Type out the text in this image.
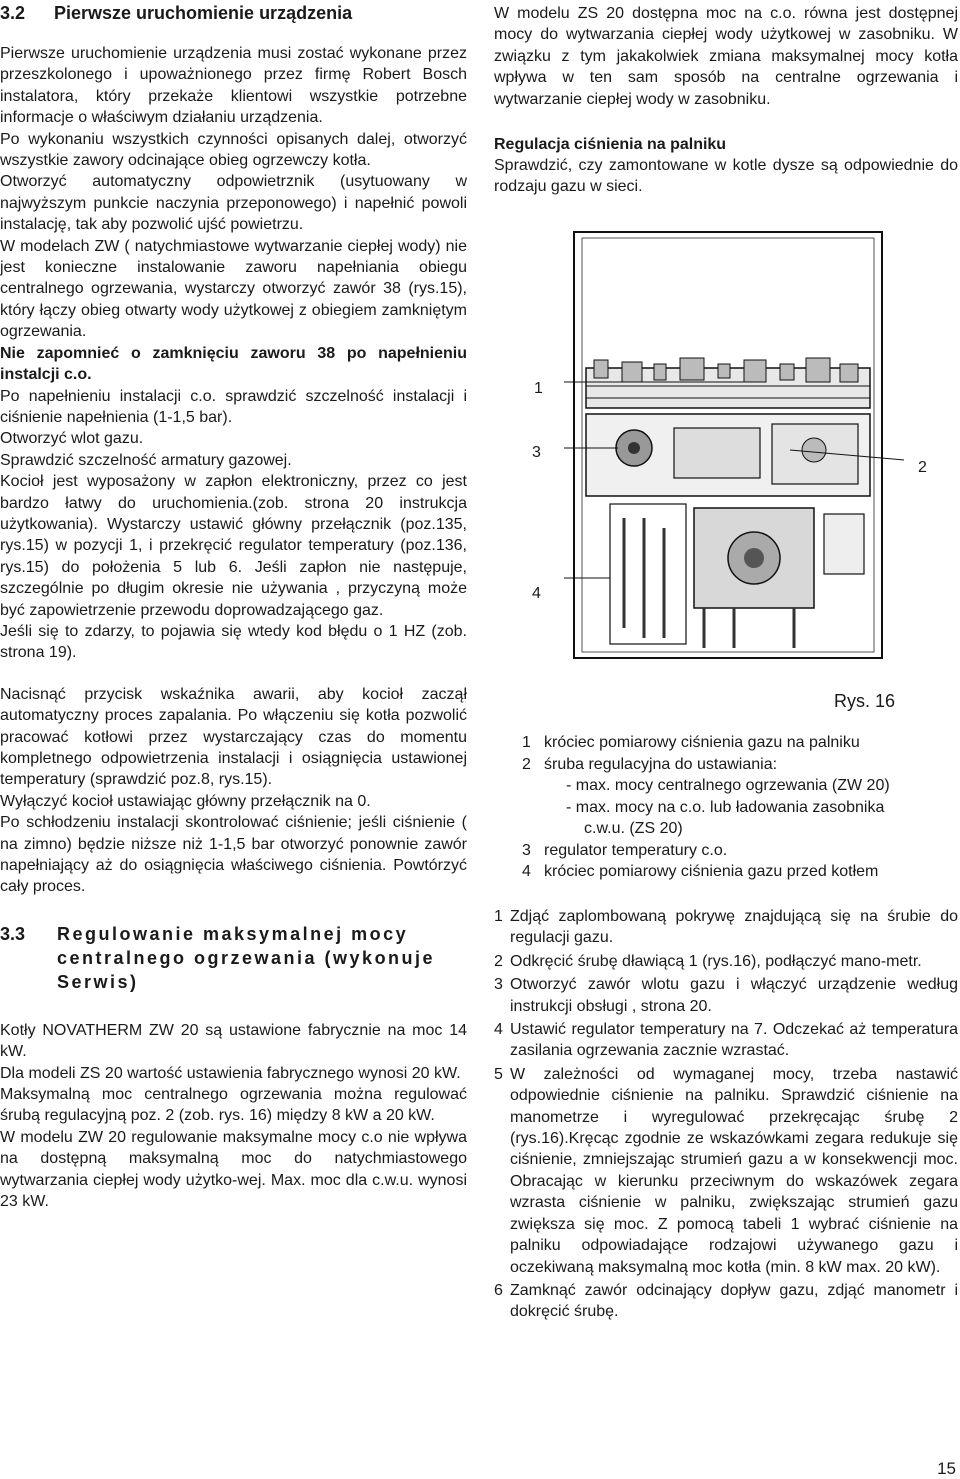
3.2 Pierwsze uruchomienie urządzenia

Pierwsze uruchomienie urządzenia musi zostać wykonane przez przeszkolonego i upoważnionego przez firmę Robert Bosch instalatora, który przekaże klientowi wszystkie potrzebne informacje o właściwym działaniu urządzenia.

Po wykonaniu wszystkich czynności opisanych dalej, otworzyć wszystkie zawory odcinające obieg ogrzewczy kotła.

Otworzyć automatyczny odpowietrznik (usytuowany w najwyższym punkcie naczynia przeponowego) i napełnić powoli instalację, tak aby pozwolić ujść powietrzu.

W modelach ZW ( natychmiastowe wytwarzanie ciepłej wody) nie jest konieczne instalowanie zaworu napełniania obiegu centralnego ogrzewania, wystarczy otworzyć zawór 38 (rys.15), który łączy obieg otwarty wody użytkowej z obiegiem zamkniętym ogrzewania.

Nie zapomnieć o zamknięciu zaworu 38 po napełnieniu instalcji c.o.

Po napełnieniu instalacji c.o. sprawdzić szczelność instalacji i ciśnienie napełnienia (1-1,5 bar).

Otworzyć wlot gazu.

Sprawdzić szczelność armatury gazowej.

Kocioł jest wyposażony w zapłon elektroniczny, przez co jest bardzo łatwy do uruchomienia.(zob. strona 20 instrukcja użytkowania). Wystarczy ustawić główny przełącznik (poz.135, rys.15) w pozycji 1, i przekręcić regulator temperatury (poz.136, rys.15) do położenia 5 lub 6. Jeśli zapłon nie następuje, szczególnie po długim okresie nie używania , przyczyną może być zapowietrzenie przewodu doprowadzającego gaz.

Jeśli się to zdarzy, to pojawia się wtedy kod błędu o 1 HZ (zob. strona 19).

Nacisnąć przycisk wskaźnika awarii, aby kocioł zaczął automatyczny proces zapalania. Po włączeniu się kotła pozwolić pracować kotłowi przez wystarczający czas do momentu kompletnego odpowietrzenia instalacji i osiągnięcia ustawionej temperatury (sprawdzić poz.8, rys.15).

Wyłączyć kocioł ustawiając główny przełącznik na 0.

Po schłodzeniu instalacji skontrolować ciśnienie; jeśli ciśnienie ( na zimno) będzie niższe niż 1-1,5 bar otworzyć ponownie zawór napełniający aż do osiągnięcia właściwego ciśnienia. Powtórzyć cały proces.

3.3	Regulowanie maksymalnej mocy centralnego ogrzewania (wykonuje Serwis)

Kotły NOVATHERM ZW 20 są ustawione fabrycznie na moc 14 kW.

Dla modeli ZS 20 wartość ustawienia fabrycznego wynosi 20 kW.

Maksymalną moc centralnego ogrzewania można regulować śrubą regulacyjną poz. 2 (zob. rys. 16) między 8 kW a 20 kW.

W modelu ZW 20 regulowanie maksymalne mocy c.o nie wpływa na dostępną maksymalną moc do natychmiastowego wytwarzania ciepłej wody użytko-wej. Max. moc dla c.w.u. wynosi 23 kW.

W modelu ZS 20 dostępna moc na c.o. równa jest dostępnej mocy do wytwarzania ciepłej wody użytkowej w zasobniku. W związku z tym jakakolwiek zmiana maksymalnej mocy kotła wpływa w ten sam sposób na centralne ogrzewania i wytwarzanie ciepłej wody w zasobniku.

Regulacja ciśnienia na palniku

Sprawdzić, czy zamontowane w kotle dysze są odpowiednie do rodzaju gazu w sieci.

1
3
2
4
Rys. 16
1 króciec pomiarowy ciśnienia gazu na palniku
2 śruba regulacyjna do ustawiania:
- max. mocy centralnego ogrzewania (ZW 20)
- max. mocy na c.o. lub ładowania zasobnika
c.w.u. (ZS 20)
3 regulator temperatury c.o.
4 króciec pomiarowy ciśnienia gazu przed kotłem
1 Zdjąć zaplombowaną pokrywę znajdującą się na śrubie do regulacji gazu.
2 Odkręcić śrubę dławiącą 1 (rys.16), podłączyć mano-metr.
3 Otworzyć zawór wlotu gazu i włączyć urządzenie według instrukcji obsługi , strona 20.
4 Ustawić regulator temperatury na 7. Odczekać aż temperatura zasilania ogrzewania zacznie wzrastać.
5 W zależności od wymaganej mocy, trzeba nastawić odpowiednie ciśnienie na palniku. Sprawdzić ciśnienie na manometrze i wyregulować przekręcając śrubę 2 (rys.16).Kręcąc zgodnie ze wskazówkami zegara redukuje się ciśnienie, zmniejszając strumień gazu a w konsekwencji moc. Obracając w kierunku przeciwnym do wskazówek zegara wzrasta ciśnienie w palniku, zwiększając strumień gazu zwiększa się moc. Z pomocą tabeli 1 wybrać ciśnienie na palniku odpowiadające rodzajowi używanego gazu i oczekiwaną maksymalną moc kotła (min. 8 kW max. 20 kW).
6 Zamknąć zawór odcinający dopływ gazu, zdjąć manometr i dokręcić śrubę.
15
